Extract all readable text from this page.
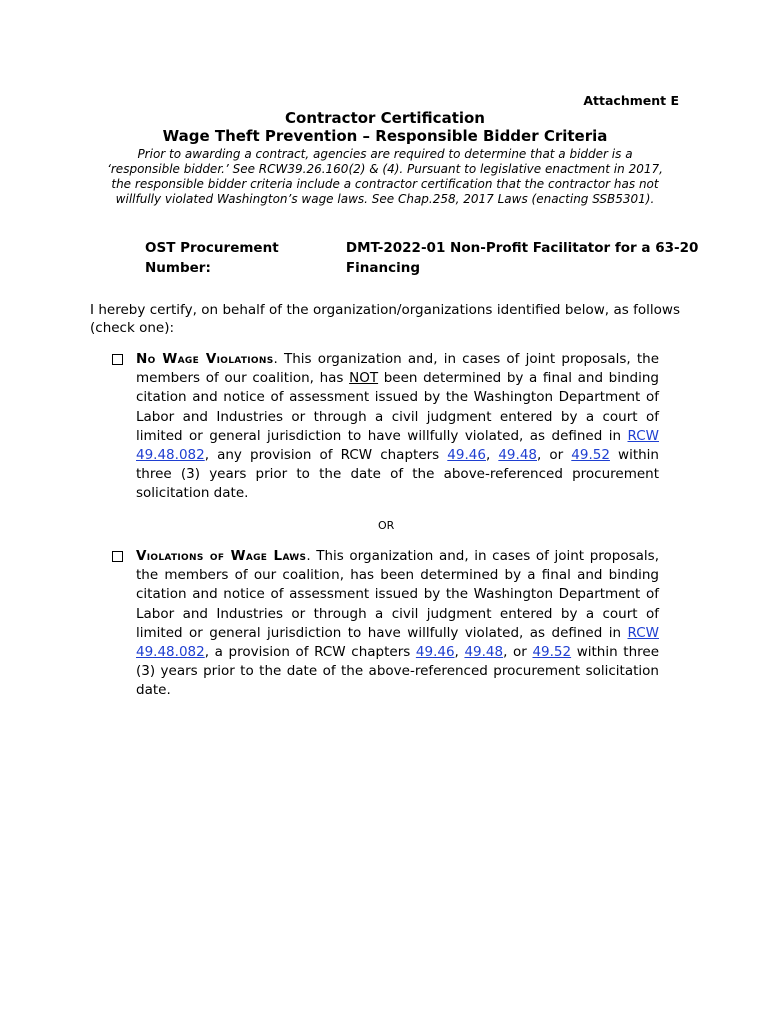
Attachment E
Contractor Certification
Wage Theft Prevention – Responsible Bidder Criteria
Prior to awarding a contract, agencies are required to determine that a bidder is a ‘responsible bidder.’ See RCW39.26.160(2) & (4). Pursuant to legislative enactment in 2017, the responsible bidder criteria include a contractor certification that the contractor has not willfully violated Washington’s wage laws. See Chap.258, 2017 Laws (enacting SSB5301).
OST Procurement Number:
DMT-2022-01 Non-Profit Facilitator for a 63-20 Financing
I hereby certify, on behalf of the organization/organizations identified below, as follows (check one):
No Wage Violations. This organization and, in cases of joint proposals, the members of our coalition, has NOT been determined by a final and binding citation and notice of assessment issued by the Washington Department of Labor and Industries or through a civil judgment entered by a court of limited or general jurisdiction to have willfully violated, as defined in RCW 49.48.082, any provision of RCW chapters 49.46, 49.48, or 49.52 within three (3) years prior to the date of the above-referenced procurement solicitation date.
OR
Violations of Wage Laws. This organization and, in cases of joint proposals, the members of our coalition, has been determined by a final and binding citation and notice of assessment issued by the Washington Department of Labor and Industries or through a civil judgment entered by a court of limited or general jurisdiction to have willfully violated, as defined in RCW 49.48.082, a provision of RCW chapters 49.46, 49.48, or 49.52 within three (3) years prior to the date of the above-referenced procurement solicitation date.
